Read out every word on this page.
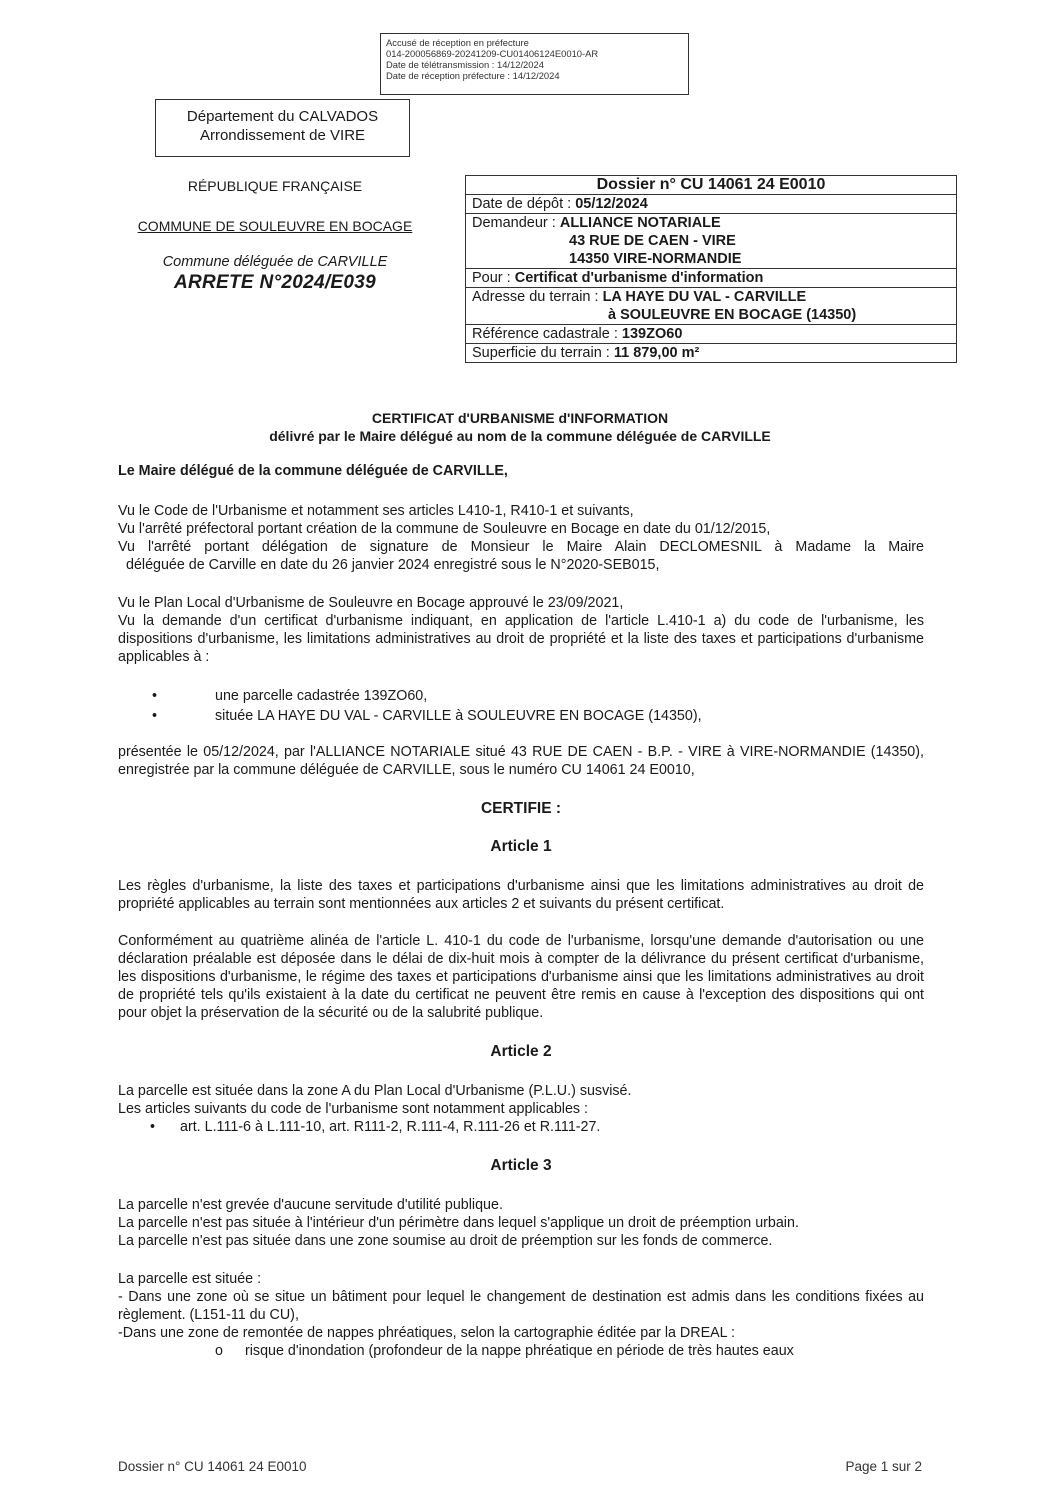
Accusé de réception en préfecture
014-200056869-20241209-CU01406124E0010-AR
Date de télétransmission : 14/12/2024
Date de réception préfecture : 14/12/2024
Département du CALVADOS
Arrondissement de VIRE
RÉPUBLIQUE FRANÇAISE
COMMUNE DE SOULEUVRE EN BOCAGE
Commune déléguée de CARVILLE
ARRETE N°2024/E039
Dossier n° CU 14061 24 E0010
Date de dépôt : 05/12/2024
Demandeur : ALLIANCE NOTARIALE
43 RUE DE CAEN - VIRE
14350 VIRE-NORMANDIE

Pour : Certificat d'urbanisme d'information
Adresse du terrain : LA HAYE DU VAL - CARVILLE
à SOULEUVRE EN BOCAGE (14350)

Référence cadastrale : 139ZO60
Superficie du terrain : 11 879,00 m²
CERTIFICAT d'URBANISME d'INFORMATION
délivré par le Maire délégué au nom de la commune déléguée de CARVILLE
Le Maire délégué de la commune déléguée de CARVILLE,
Vu le Code de l'Urbanisme et notamment ses articles L410-1, R410-1 et suivants,
Vu l'arrêté préfectoral portant création de la commune de Souleuvre en Bocage en date du 01/12/2015,
Vu l'arrêté portant délégation de signature de Monsieur le Maire Alain DECLOMESNIL à Madame la Maire
déléguée de Carville en date du 26 janvier 2024 enregistré sous le N°2020-SEB015,
Vu le Plan Local d'Urbanisme de Souleuvre en Bocage approuvé le 23/09/2021,
Vu la demande d'un certificat d'urbanisme indiquant, en application de l'article L.410-1 a) du code de l'urbanisme, les dispositions d'urbanisme, les limitations administratives au droit de propriété et la liste des taxes et participations d'urbanisme applicables à :
•	une parcelle cadastrée 139ZO60,
•	située LA HAYE DU VAL - CARVILLE à SOULEUVRE EN BOCAGE (14350),
présentée le 05/12/2024, par l'ALLIANCE NOTARIALE situé 43 RUE DE CAEN - B.P. - VIRE à VIRE-NORMANDIE (14350), enregistrée par la commune déléguée de CARVILLE, sous le numéro CU 14061 24 E0010,
CERTIFIE :
Article 1
Les règles d'urbanisme, la liste des taxes et participations d'urbanisme ainsi que les limitations administratives au droit de propriété applicables au terrain sont mentionnées aux articles 2 et suivants du présent certificat.
Conformément au quatrième alinéa de l'article L. 410-1 du code de l'urbanisme, lorsqu'une demande d'autorisation ou une déclaration préalable est déposée dans le délai de dix-huit mois à compter de la délivrance du présent certificat d'urbanisme, les dispositions d'urbanisme, le régime des taxes et participations d'urbanisme ainsi que les limitations administratives au droit de propriété tels qu'ils existaient à la date du certificat ne peuvent être remis en cause à l'exception des dispositions qui ont pour objet la préservation de la sécurité ou de la salubrité publique.
Article 2
La parcelle est située dans la zone A du Plan Local d'Urbanisme (P.L.U.) susvisé.
Les articles suivants du code de l'urbanisme sont notamment applicables :
• art. L.111-6 à L.111-10, art. R111-2, R.111-4, R.111-26 et R.111-27.
Article 3
La parcelle n'est grevée d'aucune servitude d'utilité publique.
La parcelle n'est pas située à l'intérieur d'un périmètre dans lequel s'applique un droit de préemption urbain.
La parcelle n'est pas située dans une zone soumise au droit de préemption sur les fonds de commerce.
La parcelle est située :
- Dans une zone où se situe un bâtiment pour lequel le changement de destination est admis dans les conditions fixées au règlement. (L151-11 du CU),
-Dans une zone de remontée de nappes phréatiques, selon la cartographie éditée par la DREAL :
o risque d'inondation (profondeur de la nappe phréatique en période de très hautes eaux
Dossier n° CU 14061 24 E0010	Page 1 sur 2
